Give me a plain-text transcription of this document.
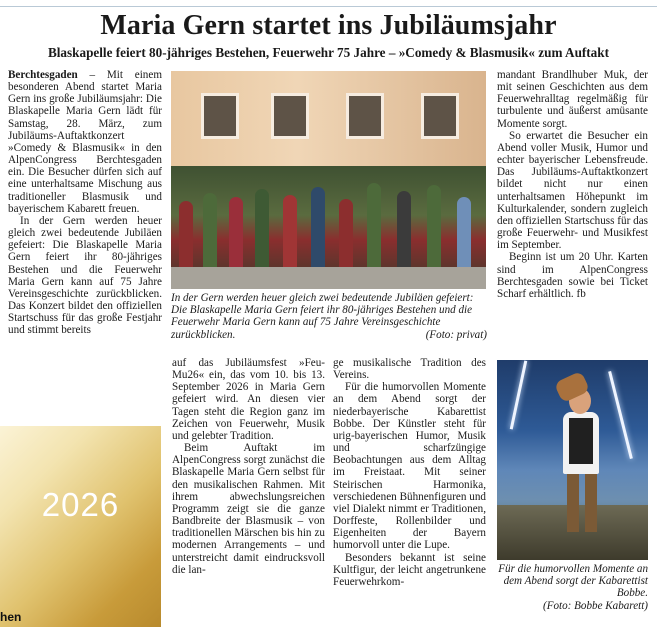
Maria Gern startet ins Jubiläumsjahr
Blaskapelle feiert 80-jähriges Bestehen, Feuerwehr 75 Jahre – »Comedy & Blasmusik« zum Auftakt

Berchtesgaden – Mit einem besonderen Abend startet Maria Gern ins große Jubiläumsjahr: Die Blaskapelle Maria Gern lädt für Samstag, 28. März, zum Jubiläums-Auftaktkonzert »Comedy & Blasmusik« in den AlpenCongress Berchtesgaden ein. Die Besucher dürfen sich auf eine unterhaltsame Mischung aus traditioneller Blasmusik und bayerischem Kabarett freuen.

In der Gern werden heuer gleich zwei bedeutende Jubiläen gefeiert: Die Blaskapelle Maria Gern feiert ihr 80-jähriges Bestehen und die Feuerwehr Maria Gern kann auf 75 Jahre Vereinsgeschichte zurückblicken. Das Konzert bildet den offiziellen Startschuss für das große Festjahr und stimmt bereits

In der Gern werden heuer gleich zwei bedeutende Jubiläen gefeiert: Die Blaskapelle Maria Gern feiert ihr 80-jähriges Bestehen und die Feuerwehr Maria Gern kann auf 75 Jahre Vereinsgeschichte zurückblicken.	(Foto: privat)

auf das Jubiläumsfest »Feu-Mu26« ein, das vom 10. bis 13. September 2026 in Maria Gern gefeiert wird. An diesen vier Tagen steht die Region ganz im Zeichen von Feuerwehr, Musik und gelebter Tradition.

Beim Auftakt im AlpenCongress sorgt zunächst die Blaskapelle Maria Gern selbst für den musikalischen Rahmen. Mit ihrem abwechslungsreichen Programm zeigt sie die ganze Bandbreite der Blasmusik – von traditionellen Märschen bis hin zu modernen Arrangements – und unterstreicht damit eindrucksvoll die lan-

ge musikalische Tradition des Vereins.

Für die humorvollen Momente an dem Abend sorgt der niederbayerische Kabarettist Bobbe. Der Künstler steht für urig-bayerischen Humor, Musik und scharfzüngige Beobachtungen aus dem Alltag im Freistaat. Mit seiner Steirischen Harmonika, verschiedenen Bühnenfiguren und viel Dialekt nimmt er Traditionen, Dorffeste, Rollenbilder und Eigenheiten der Bayern humorvoll unter die Lupe.

Besonders bekannt ist seine Kultfigur, der leicht angetrunkene Feuerwehrkom-

mandant Brandlhuber Muk, der mit seinen Geschichten aus dem Feuerwehralltag regelmäßig für turbulente und äußerst amüsante Momente sorgt.

So erwartet die Besucher ein Abend voller Musik, Humor und echter bayerischer Lebensfreude. Das Jubiläums-Auftaktkonzert bildet nicht nur einen unterhaltsamen Höhepunkt im Kulturkalender, sondern zugleich den offiziellen Startschuss für das große Feuerwehr- und Musikfest im September.

Beginn ist um 20 Uhr. Karten sind im AlpenCongress Berchtesgaden sowie bei Ticket Scharf erhältlich. fb

Für die humorvollen Momente an dem Abend sorgt der Kabarettist Bobbe.
(Foto: Bobbe Kabarett)

2026
hen
